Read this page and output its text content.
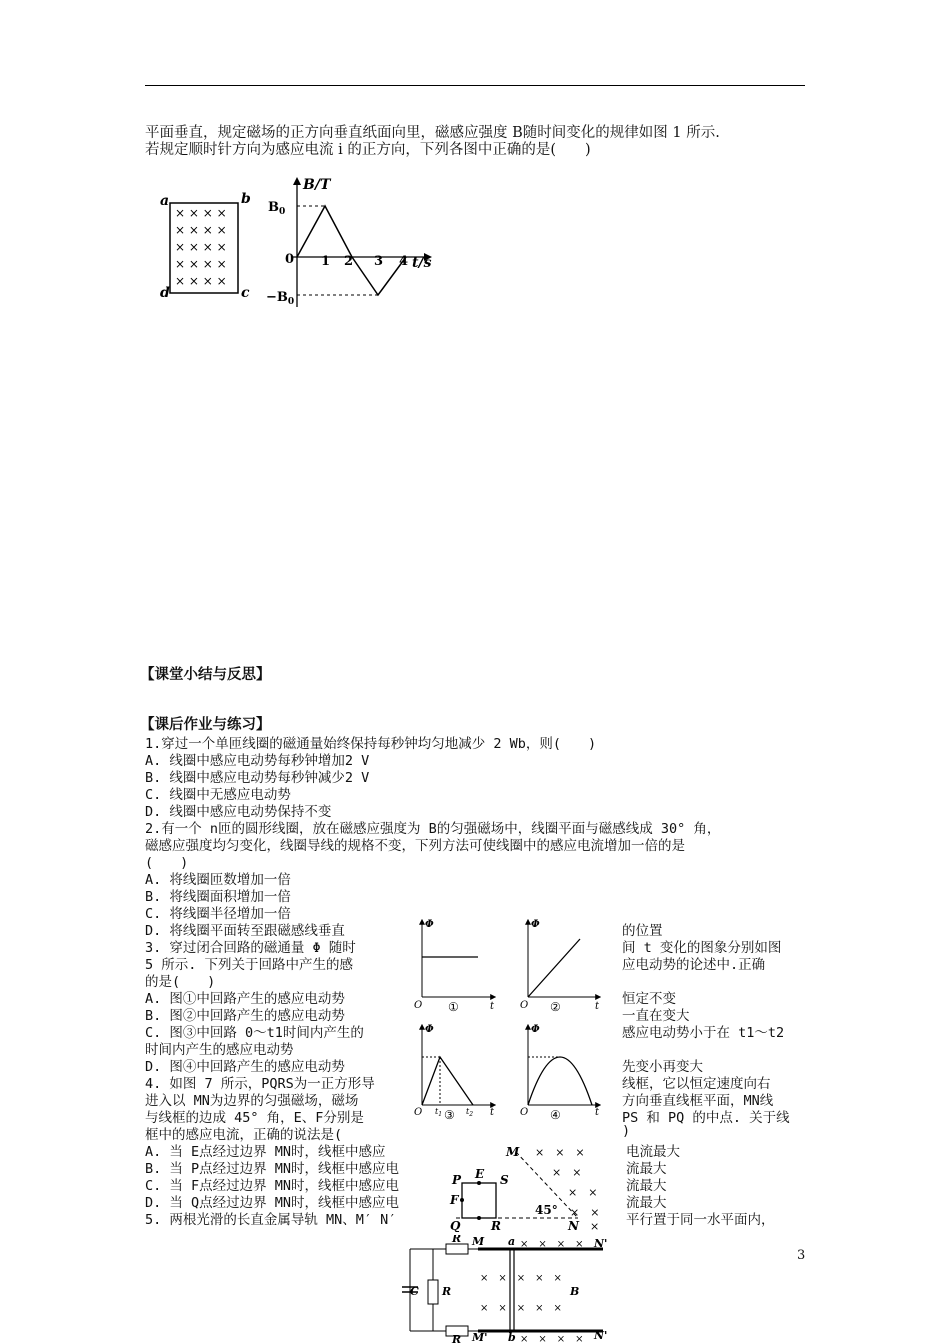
平面垂直，规定磁场的正方向垂直纸面向里，磁感应强度 B随时间变化的规律如图 1 所示.
若规定顺时针方向为感应电流 i 的正方向，下列各图中正确的是(　　)
× × × ×
× × × ×
× × × ×
× × × ×
× × × ×
a	b
c
d
B/T
t/s
$B_0$
0
$-B_0$
1 2 3 4
【课堂小结与反思】
【课后作业与练习】
1.穿过一个单匝线圈的磁通量始终保持每秒钟均匀地减少 2 Wb，则(　　)
A. 线圈中感应电动势每秒钟增加2 V
B. 线圈中感应电动势每秒钟减少2 V
C. 线圈中无感应电动势
D. 线圈中感应电动势保持不变
2.有一个 n匝的圆形线圈，放在磁感应强度为 B的匀强磁场中，线圈平面与磁感线成 30° 角，
磁感应强度均匀变化，线圈导线的规格不变，下列方法可使线圈中的感应电流增加一倍的是
(　　)
A. 将线圈匝数增加一倍
B. 将线圈面积增加一倍
C. 将线圈半径增加一倍
D. 将线圈平面转至跟磁感线垂直	的位置
3. 穿过闭合回路的磁通量 Φ 随时
5 所示. 下列关于回路中产生的感
的是(　　)
A. 图①中回路产生的感应电动势
B. 图②中回路产生的感应电动势
C. 图③中回路 0～t1时间内产生的
时间内产生的感应电动势
D. 图④中回路产生的感应电动势
间 t 变化的图象分别如图
应电动势的论述中.正确
恒定不变
一直在变大
感应电动势小于在 t1～t2
先变小再变大
Φ
O	t
①
Φ
O	t
②
Φ
O $t_1$	$t_2$ t
③
Φ
O	t
④
4. 如图 7 所示，PQRS为一正方形导
进入以 MN为边界的匀强磁场，磁场
与线框的边成 45° 角，E、F分别是
框中的感应电流，正确的说法是(
A. 当 E点经过边界 MN时，线框中感应
B. 当 P点经过边界 MN时，线框中感应电
C. 当 F点经过边界 MN时，线框中感应电
D. 当 Q点经过边界 MN时，线框中感应电
线框，它以恒定速度向右
方向垂直线框平面，MN线
PS 和 PQ 的中点. 关于线
)
电流最大
流最大
流最大
流最大
×　×　×
×　×
×　×
×　×
×
M
N
P E S
F
Q	R
45°
5. 两根光滑的长直金属导轨 MN、M′ N′	平行置于同一水平面内，
×　×　×　×
×　×　×　×　×
×　×　×　×　×
×　×　×　×
R
R
R
C
M a	N'
B
M' b	N'
3
